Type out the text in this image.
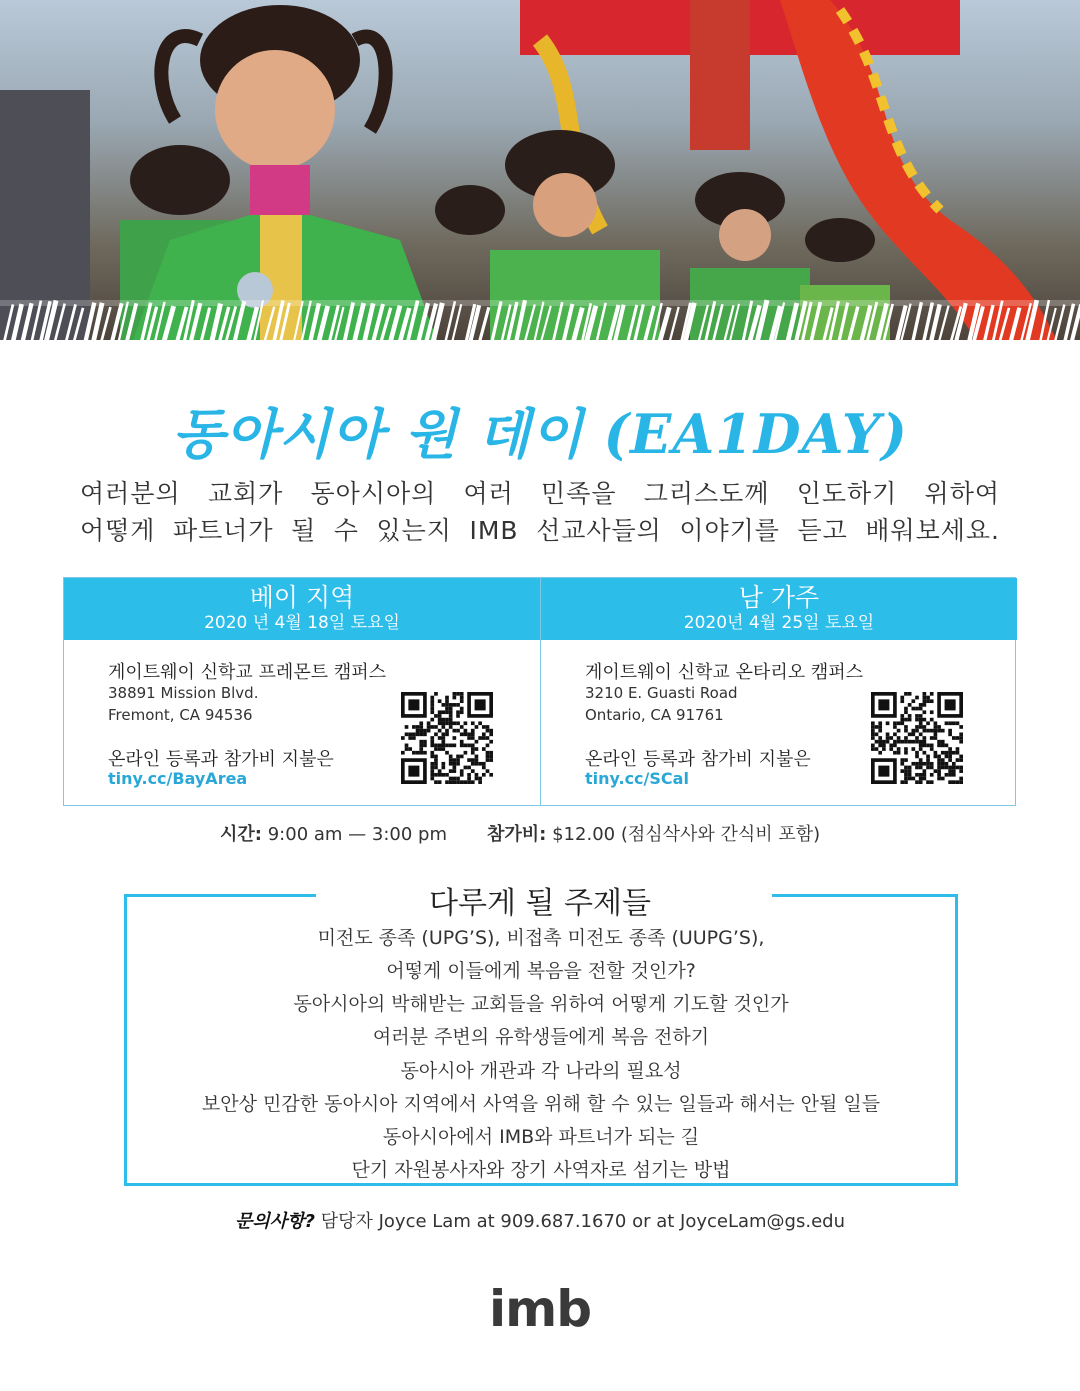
동아시아 원 데이 (EA1DAY)
여러분의 교회가 동아시아의 여러 민족을 그리스도께 인도하기 위하여
어떻게 파트너가 될 수 있는지 IMB 선교사들의 이야기를 듣고 배워보세요.
베이 지역
2020 년 4월 18일 토요일
게이트웨이 신학교 프레몬트 캠퍼스
38891 Mission Blvd.
Fremont, CA 94536
온라인 등록과 참가비 지불은
tiny.cc/BayArea
남 가주
2020년 4월 25일 토요일
게이트웨이 신학교 온타리오 캠퍼스
3210 E. Guasti Road
Ontario, CA 91761
온라인 등록과 참가비 지불은
tiny.cc/SCal
시간: 9:00 am — 3:00 pm 참가비: $12.00 (점심삭사와 간식비 포함)
다루게 될 주제들
미전도 종족 (UPG’S), 비접촉 미전도 종족 (UUPG’S),
어떻게 이들에게 복음을 전할 것인가?
동아시아의 박해받는 교회들을 위하여 어떻게 기도할 것인가
여러분 주변의 유학생들에게 복음 전하기
동아시아 개관과 각 나라의 필요성
보안상 민감한 동아시아 지역에서 사역을 위해 할 수 있는 일들과 해서는 안될 일들
동아시아에서 IMB와 파트너가 되는 길
단기 자원봉사자와 장기 사역자로 섬기는 방법
문의사항? 담당자 Joyce Lam at 909.687.1670 or at JoyceLam@gs.edu
imb
